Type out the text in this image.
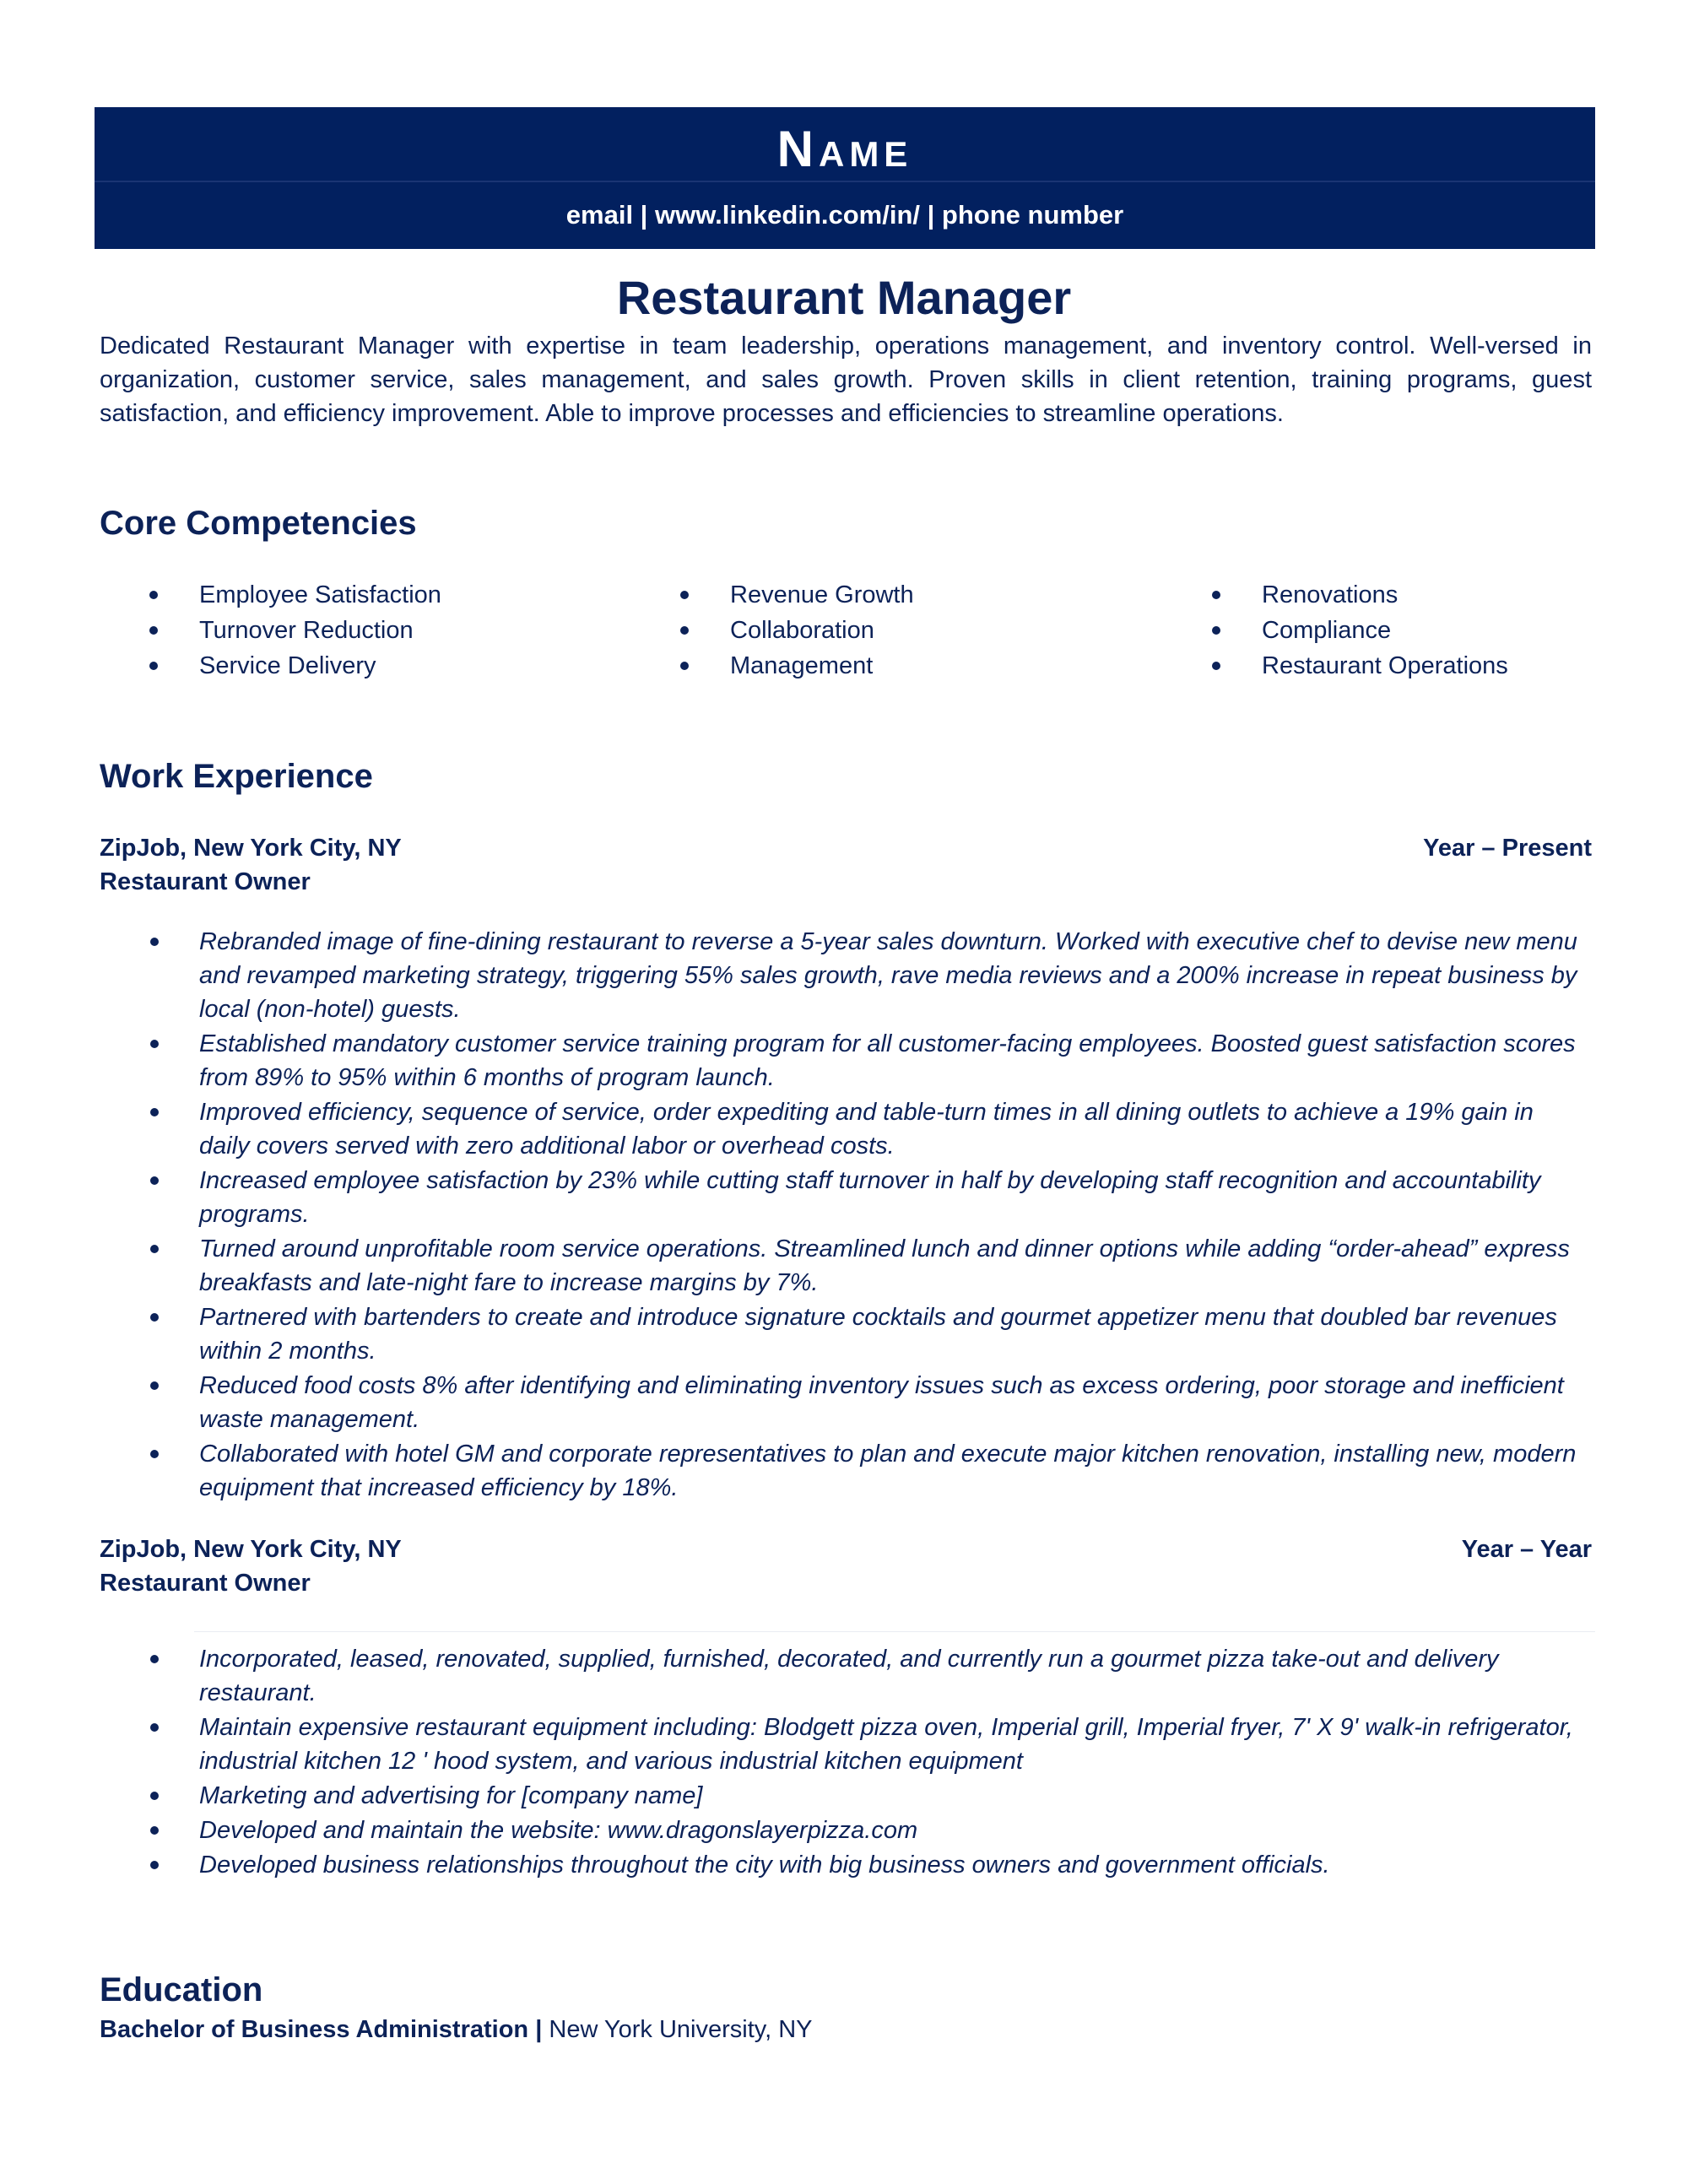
Name
email | www.linkedin.com/in/ | phone number
Restaurant Manager
Dedicated Restaurant Manager with expertise in team leadership, operations management, and inventory control. Well-versed in organization, customer service, sales management, and sales growth. Proven skills in client retention, training programs, guest satisfaction, and efficiency improvement. Able to improve processes and efficiencies to streamline operations.
Core Competencies
Employee Satisfaction
Turnover Reduction
Service Delivery
Revenue Growth
Collaboration
Management
Renovations
Compliance
Restaurant Operations
Work Experience
ZipJob, New York City, NY	Year – Present
Restaurant Owner
Rebranded image of fine-dining restaurant to reverse a 5-year sales downturn. Worked with executive chef to devise new menu and revamped marketing strategy, triggering 55% sales growth, rave media reviews and a 200% increase in repeat business by local (non-hotel) guests.
Established mandatory customer service training program for all customer-facing employees. Boosted guest satisfaction scores from 89% to 95% within 6 months of program launch.
Improved efficiency, sequence of service, order expediting and table-turn times in all dining outlets to achieve a 19% gain in daily covers served with zero additional labor or overhead costs.
Increased employee satisfaction by 23% while cutting staff turnover in half by developing staff recognition and accountability programs.
Turned around unprofitable room service operations. Streamlined lunch and dinner options while adding “order-ahead” express breakfasts and late-night fare to increase margins by 7%.
Partnered with bartenders to create and introduce signature cocktails and gourmet appetizer menu that doubled bar revenues within 2 months.
Reduced food costs 8% after identifying and eliminating inventory issues such as excess ordering, poor storage and inefficient waste management.
Collaborated with hotel GM and corporate representatives to plan and execute major kitchen renovation, installing new, modern equipment that increased efficiency by 18%.
ZipJob, New York City, NY	Year – Year
Restaurant Owner
Incorporated, leased, renovated, supplied, furnished, decorated, and currently run a gourmet pizza take-out and delivery restaurant.
Maintain expensive restaurant equipment including: Blodgett pizza oven, Imperial grill, Imperial fryer, 7' X 9' walk-in refrigerator, industrial kitchen 12 ' hood system, and various industrial kitchen equipment
Marketing and advertising for [company name]
Developed and maintain the website: www.dragonslayerpizza.com
Developed business relationships throughout the city with big business owners and government officials.
Education
Bachelor of Business Administration | New York University, NY
